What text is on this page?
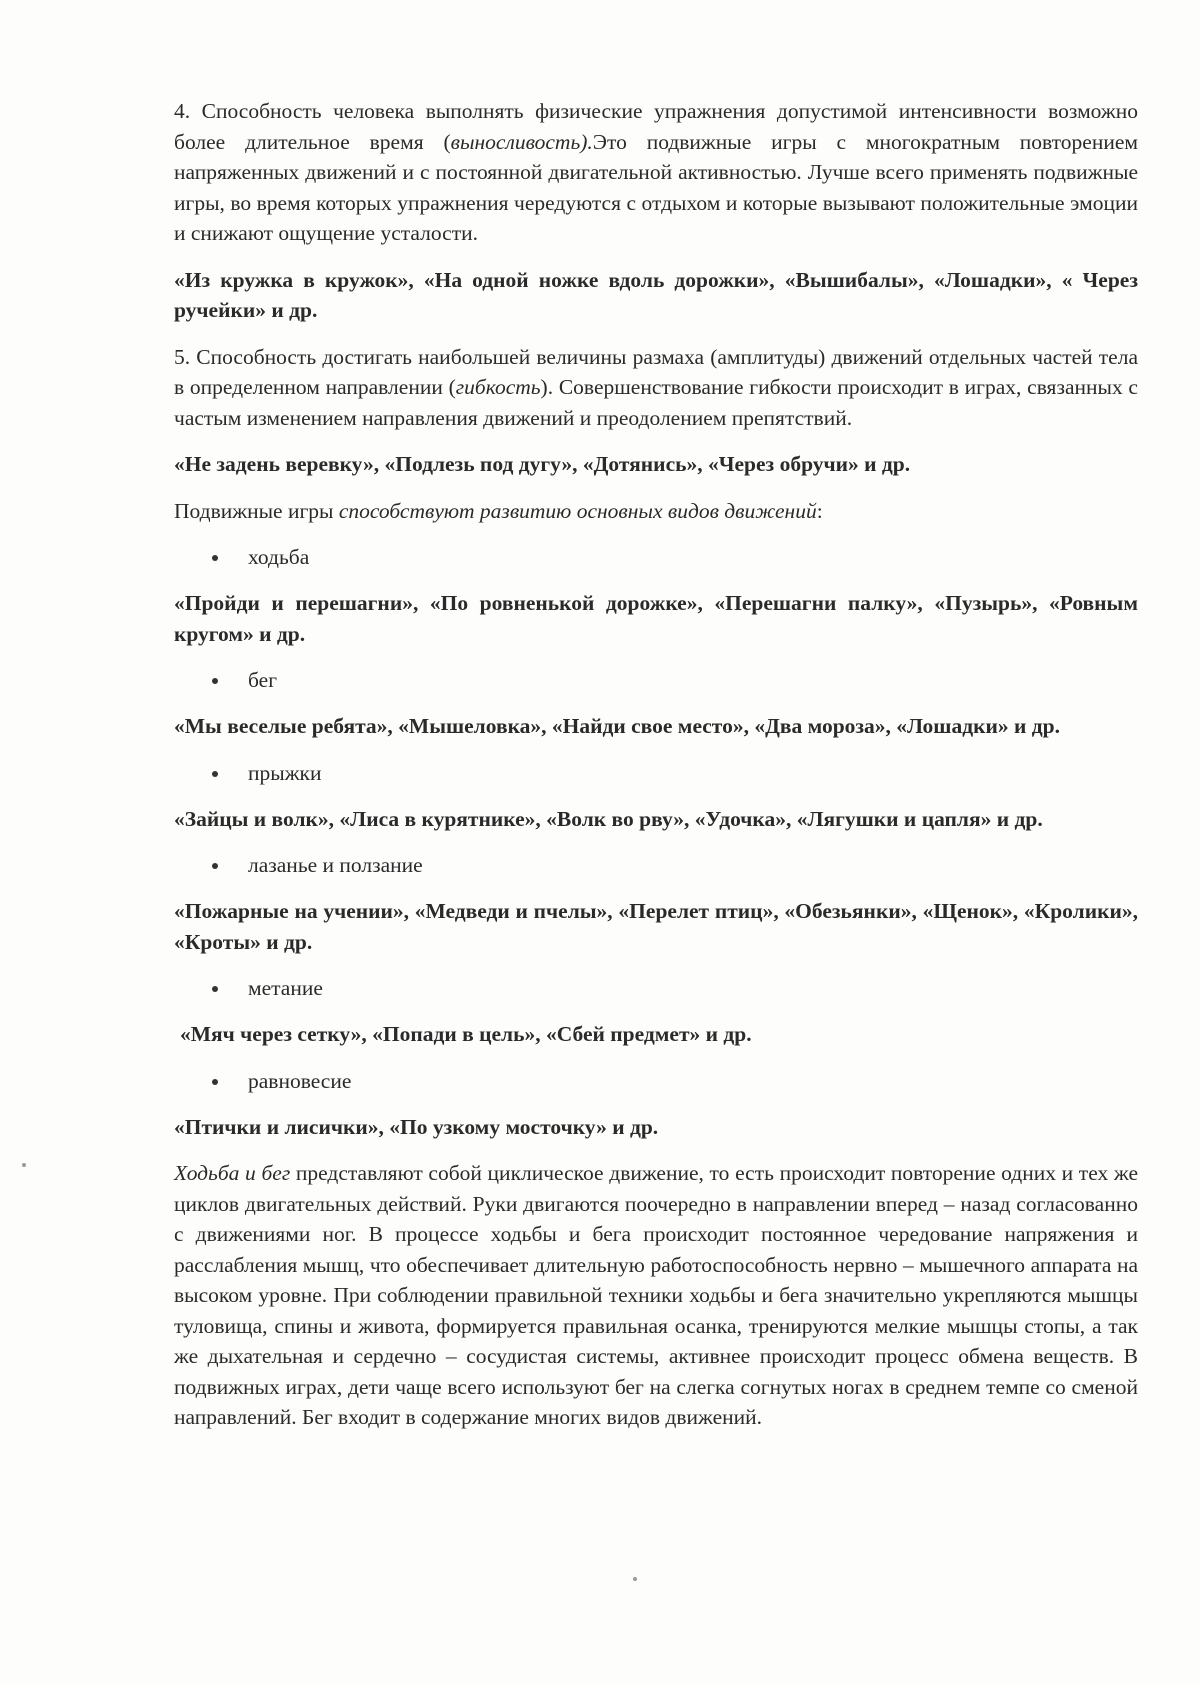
4. Способность человека выполнять физические упражнения допустимой интенсивности возможно более длительное время (выносливость).Это подвижные игры с многократным повторением напряженных движений и с постоянной двигательной активностью. Лучше всего применять подвижные игры, во время которых упражнения чередуются с отдыхом и которые вызывают положительные эмоции и снижают ощущение усталости.

«Из кружка в кружок», «На одной ножке вдоль дорожки», «Вышибалы», «Лошадки», « Через ручейки» и др.

5. Способность достигать наибольшей величины размаха (амплитуды) движений отдельных частей тела в определенном направлении (гибкость). Совершенствование гибкости происходит в играх, связанных с частым изменением направления движений и преодолением препятствий.

«Не задень веревку», «Подлезь под дугу», «Дотянись», «Через обручи» и др.

Подвижные игры способствуют развитию основных видов движений:

ходьба

«Пройди и перешагни», «По ровненькой дорожке», «Перешагни палку», «Пузырь», «Ровным кругом» и др.

бег

«Мы веселые ребята», «Мышеловка», «Найди свое место», «Два мороза», «Лошадки» и др.

прыжки

«Зайцы и волк», «Лиса в курятнике», «Волк во рву», «Удочка», «Лягушки и цапля» и др.

лазанье и ползание

«Пожарные на учении», «Медведи и пчелы», «Перелет птиц», «Обезьянки», «Щенок», «Кролики», «Кроты» и др.

метание

«Мяч через сетку», «Попади в цель», «Сбей предмет» и др.

равновесие

«Птички и лисички», «По узкому мосточку» и др.

Ходьба и бег представляют собой циклическое движение, то есть происходит повторение одних и тех же циклов двигательных действий. Руки двигаются поочередно в направлении вперед – назад согласованно с движениями ног. В процессе ходьбы и бега происходит постоянное чередование напряжения и расслабления мышц, что обеспечивает длительную работоспособность нервно – мышечного аппарата на высоком уровне. При соблюдении правильной техники ходьбы и бега значительно укрепляются мышцы туловища, спины и живота, формируется правильная осанка, тренируются мелкие мышцы стопы, а так же дыхательная и сердечно – сосудистая системы, активнее происходит процесс обмена веществ. В подвижных играх, дети чаще всего используют бег на слегка согнутых ногах в среднем темпе со сменой направлений. Бег входит в содержание многих видов движений.
